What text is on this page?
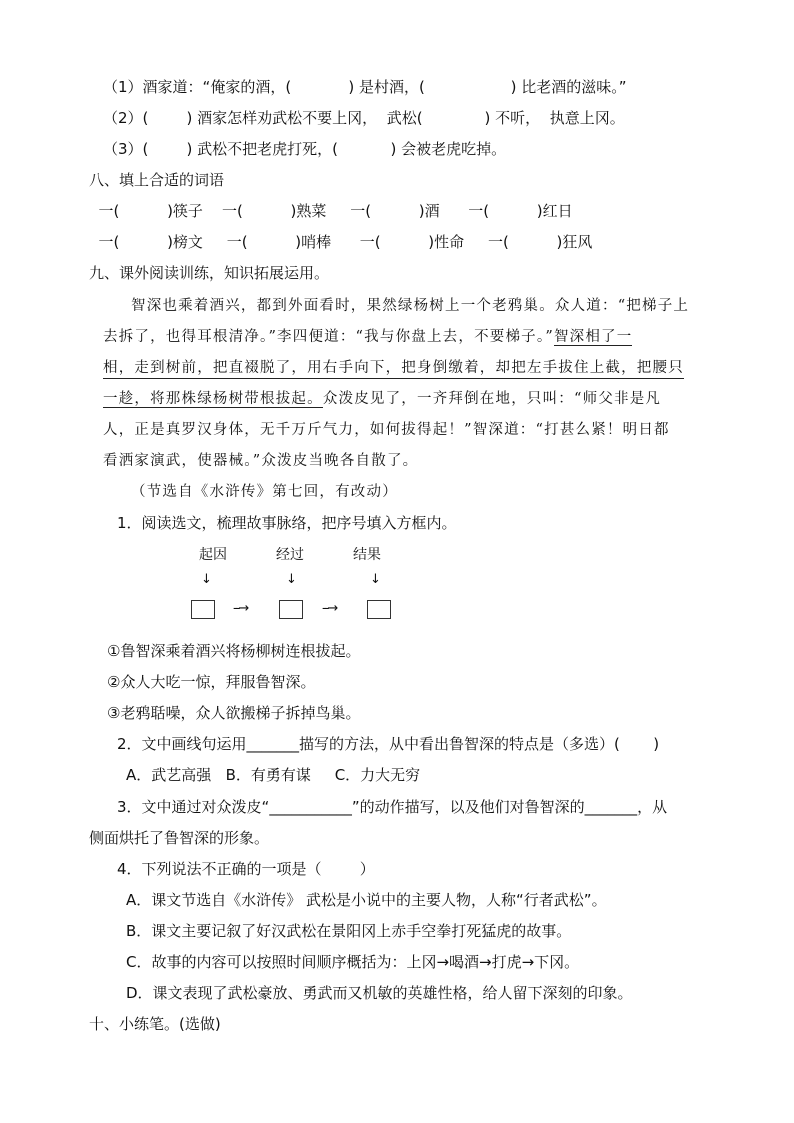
（1）酒家道：“俺家的酒，(            ) 是村酒，(                  ) 比老酒的滋味。”
（2）(        ) 酒家怎样劝武松不要上冈，  武松(             ) 不听，  执意上冈。
（3）(        ) 武松不把老虎打死，(           ) 会被老虎吃掉。
八、填上合适的词语
一(          )筷子    一(          )熟菜     一(          )酒      一(          )红日
一(          )榜文     一(          )哨棒      一(          )性命     一(          )狂风
九、课外阅读训练，知识拓展运用。
智深也乘着酒兴，都到外面看时，果然绿杨树上一个老鸦巢。众人道：“把梯子上
去拆了，也得耳根清净。”李四便道：“我与你盘上去，不要梯子。”智深相了一
相，走到树前，把直裰脱了，用右手向下，把身倒缴着，却把左手拔住上截，把腰只
一趁，将那株绿杨树带根拔起。众泼皮见了，一齐拜倒在地，只叫：“师父非是凡
人，正是真罗汉身体，无千万斤气力，如何拔得起！”智深道：“打甚么紧！明日都
看洒家演武，使器械。”众泼皮当晚各自散了。
（节选自《水浒传》第七回，有改动）
1．阅读选文，梳理故事脉络，把序号填入方框内。
起因	经过	结果
↓	↓	↓
--→	--→
①鲁智深乘着酒兴将杨柳树连根拔起。
②众人大吃一惊，拜服鲁智深。
③老鸦聒噪，众人欲搬梯子拆掉鸟巢。
2．文中画线句运用_______描写的方法，从中看出鲁智深的特点是（多选）(       )
A．武艺高强   B．有勇有谋     C．力大无穷
3．文中通过对众泼皮“___________”的动作描写，以及他们对鲁智深的_______，从
侧面烘托了鲁智深的形象。
4．下列说法不正确的一项是（        ）
A．课文节选自《水浒传》 武松是小说中的主要人物，人称“行者武松”。
B．课文主要记叙了好汉武松在景阳冈上赤手空拳打死猛虎的故事。
C．故事的内容可以按照时间顺序概括为：上冈→喝酒→打虎→下冈。
D．课文表现了武松豪放、勇武而又机敏的英雄性格，给人留下深刻的印象。
十、小练笔。(选做)
